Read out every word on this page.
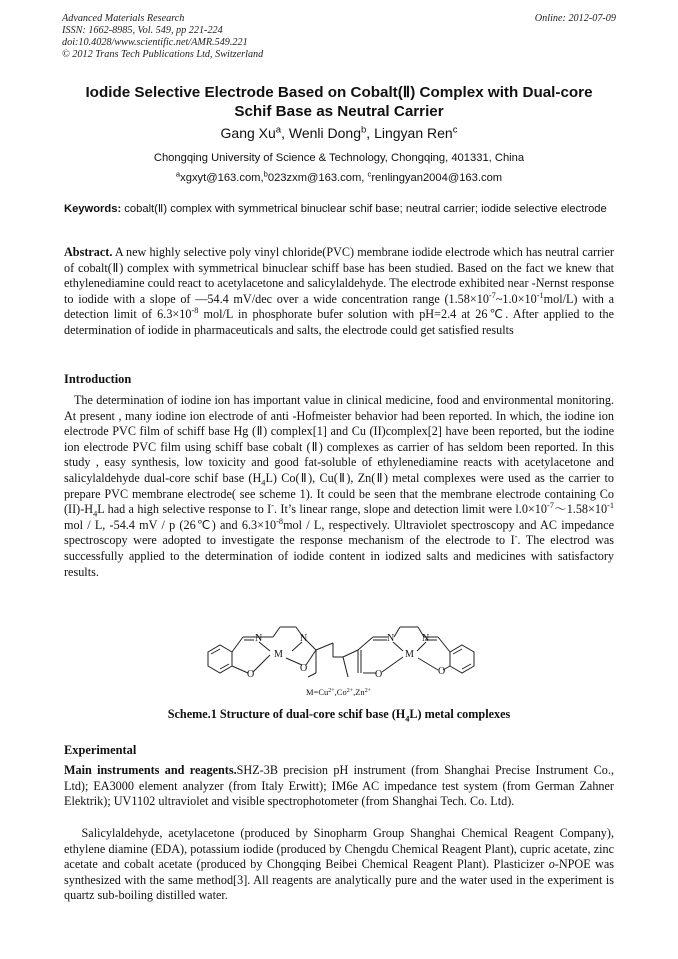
Advanced Materials Research
ISSN: 1662-8985, Vol. 549, pp 221-224
doi:10.4028/www.scientific.net/AMR.549.221
© 2012 Trans Tech Publications Ltd, Switzerland
Online: 2012-07-09
Iodide Selective Electrode Based on Cobalt(Ⅱ) Complex with Dual-core
Schif Base as Neutral Carrier
Gang Xu$^a$, Wenli Dong$^b$, Lingyan Ren$^c$
Chongqing University of Science & Technology, Chongqing, 401331, China
$^a$xgxyt@163.com,$^b$023zxm@163.com, $^c$renlingyan2004@163.com
Keywords: cobalt(Ⅱ) complex with symmetrical binuclear schif base; neutral carrier; iodide selective electrode
Abstract. A new highly selective poly vinyl chloride(PVC) membrane iodide electrode which has neutral carrier of cobalt(Ⅱ) complex with symmetrical binuclear schiff base has been studied. Based on the fact we knew that ethylenediamine could react to acetylacetone and salicylaldehyde. The electrode exhibited near -Nernst response to iodide with a slope of —54.4 mV/dec over a wide concentration range $(1.58\times 10^{-7}\sim 1.0\times 10^{-1}mol/L)$ with a detection limit of $6.3\times 10^{-8}$ mol/L in phosphorate bufer solution with pH=2.4 at 26℃. After applied to the determination of iodide in pharmaceuticals and salts, the electrode could get satisfied results
Introduction
The determination of iodine ion has important value in clinical medicine, food and environmental monitoring. At present , many iodine ion electrode of anti -Hofmeister behavior had been reported. In which, the iodine ion electrode PVC film of schiff base Hg (Ⅱ) complex[1] and Cu (II)complex[2] have been reported, but the iodine ion electrode PVC film using schiff base cobalt (Ⅱ) complexes as carrier of has seldom been reported. In this study , easy synthesis, low toxicity and good fat-soluble of ethylenediamine reacts with acetylacetone and salicylaldehyde dual-core schif base $(H_4L)$ Co(Ⅱ), Cu(Ⅱ), Zn(Ⅱ) metal complexes were used as the carrier to prepare PVC membrane electrode( see scheme 1). It could be seen that the membrane electrode containing Co $(II)-H_4L$ had a high selective response to I-. It’s linear range, slope and detection limit were $l.0\times 10^{-7}\sim 1.58\times 10^{-1}$ mol / L, -54.4 mV / p (26℃) and $6.3\times 10^{-8}mol / L$, respectively. Ultraviolet spectroscopy and AC impedance spectroscopy were adopted to investigate the response mechanism of the electrode to I-. The electrod was successfully applied to the determination of iodide content in iodized salts and medicines with satisfactory results.
N	N
M
O
O
N	N
M
O	O
$M=Cu^{2+},Co^{2+},Zn^{2+}$
Scheme.1 Structure of dual-core schif base $(H_4L)$ metal complexes
Experimental
Main instruments and reagents.SHZ-3B precision pH instrument (from Shanghai Precise Instrument Co., Ltd); EA3000 element analyzer (from Italy Erwitt); IM6e AC impedance test system (from German Zahner Elektrik); UV1102 ultraviolet and visible spectrophotometer (from Shanghai Tech. Co. Ltd).
Salicylaldehyde, acetylacetone (produced by Sinopharm Group Shanghai Chemical Reagent Company), ethylene diamine (EDA), potassium iodide (produced by Chengdu Chemical Reagent Plant), cupric acetate, zinc acetate and cobalt acetate (produced by Chongqing Beibei Chemical Reagent Plant). Plasticizer o-NPOE was synthesized with the same method[3]. All reagents are analytically pure and the water used in the experiment is quartz sub-boiling distilled water.
